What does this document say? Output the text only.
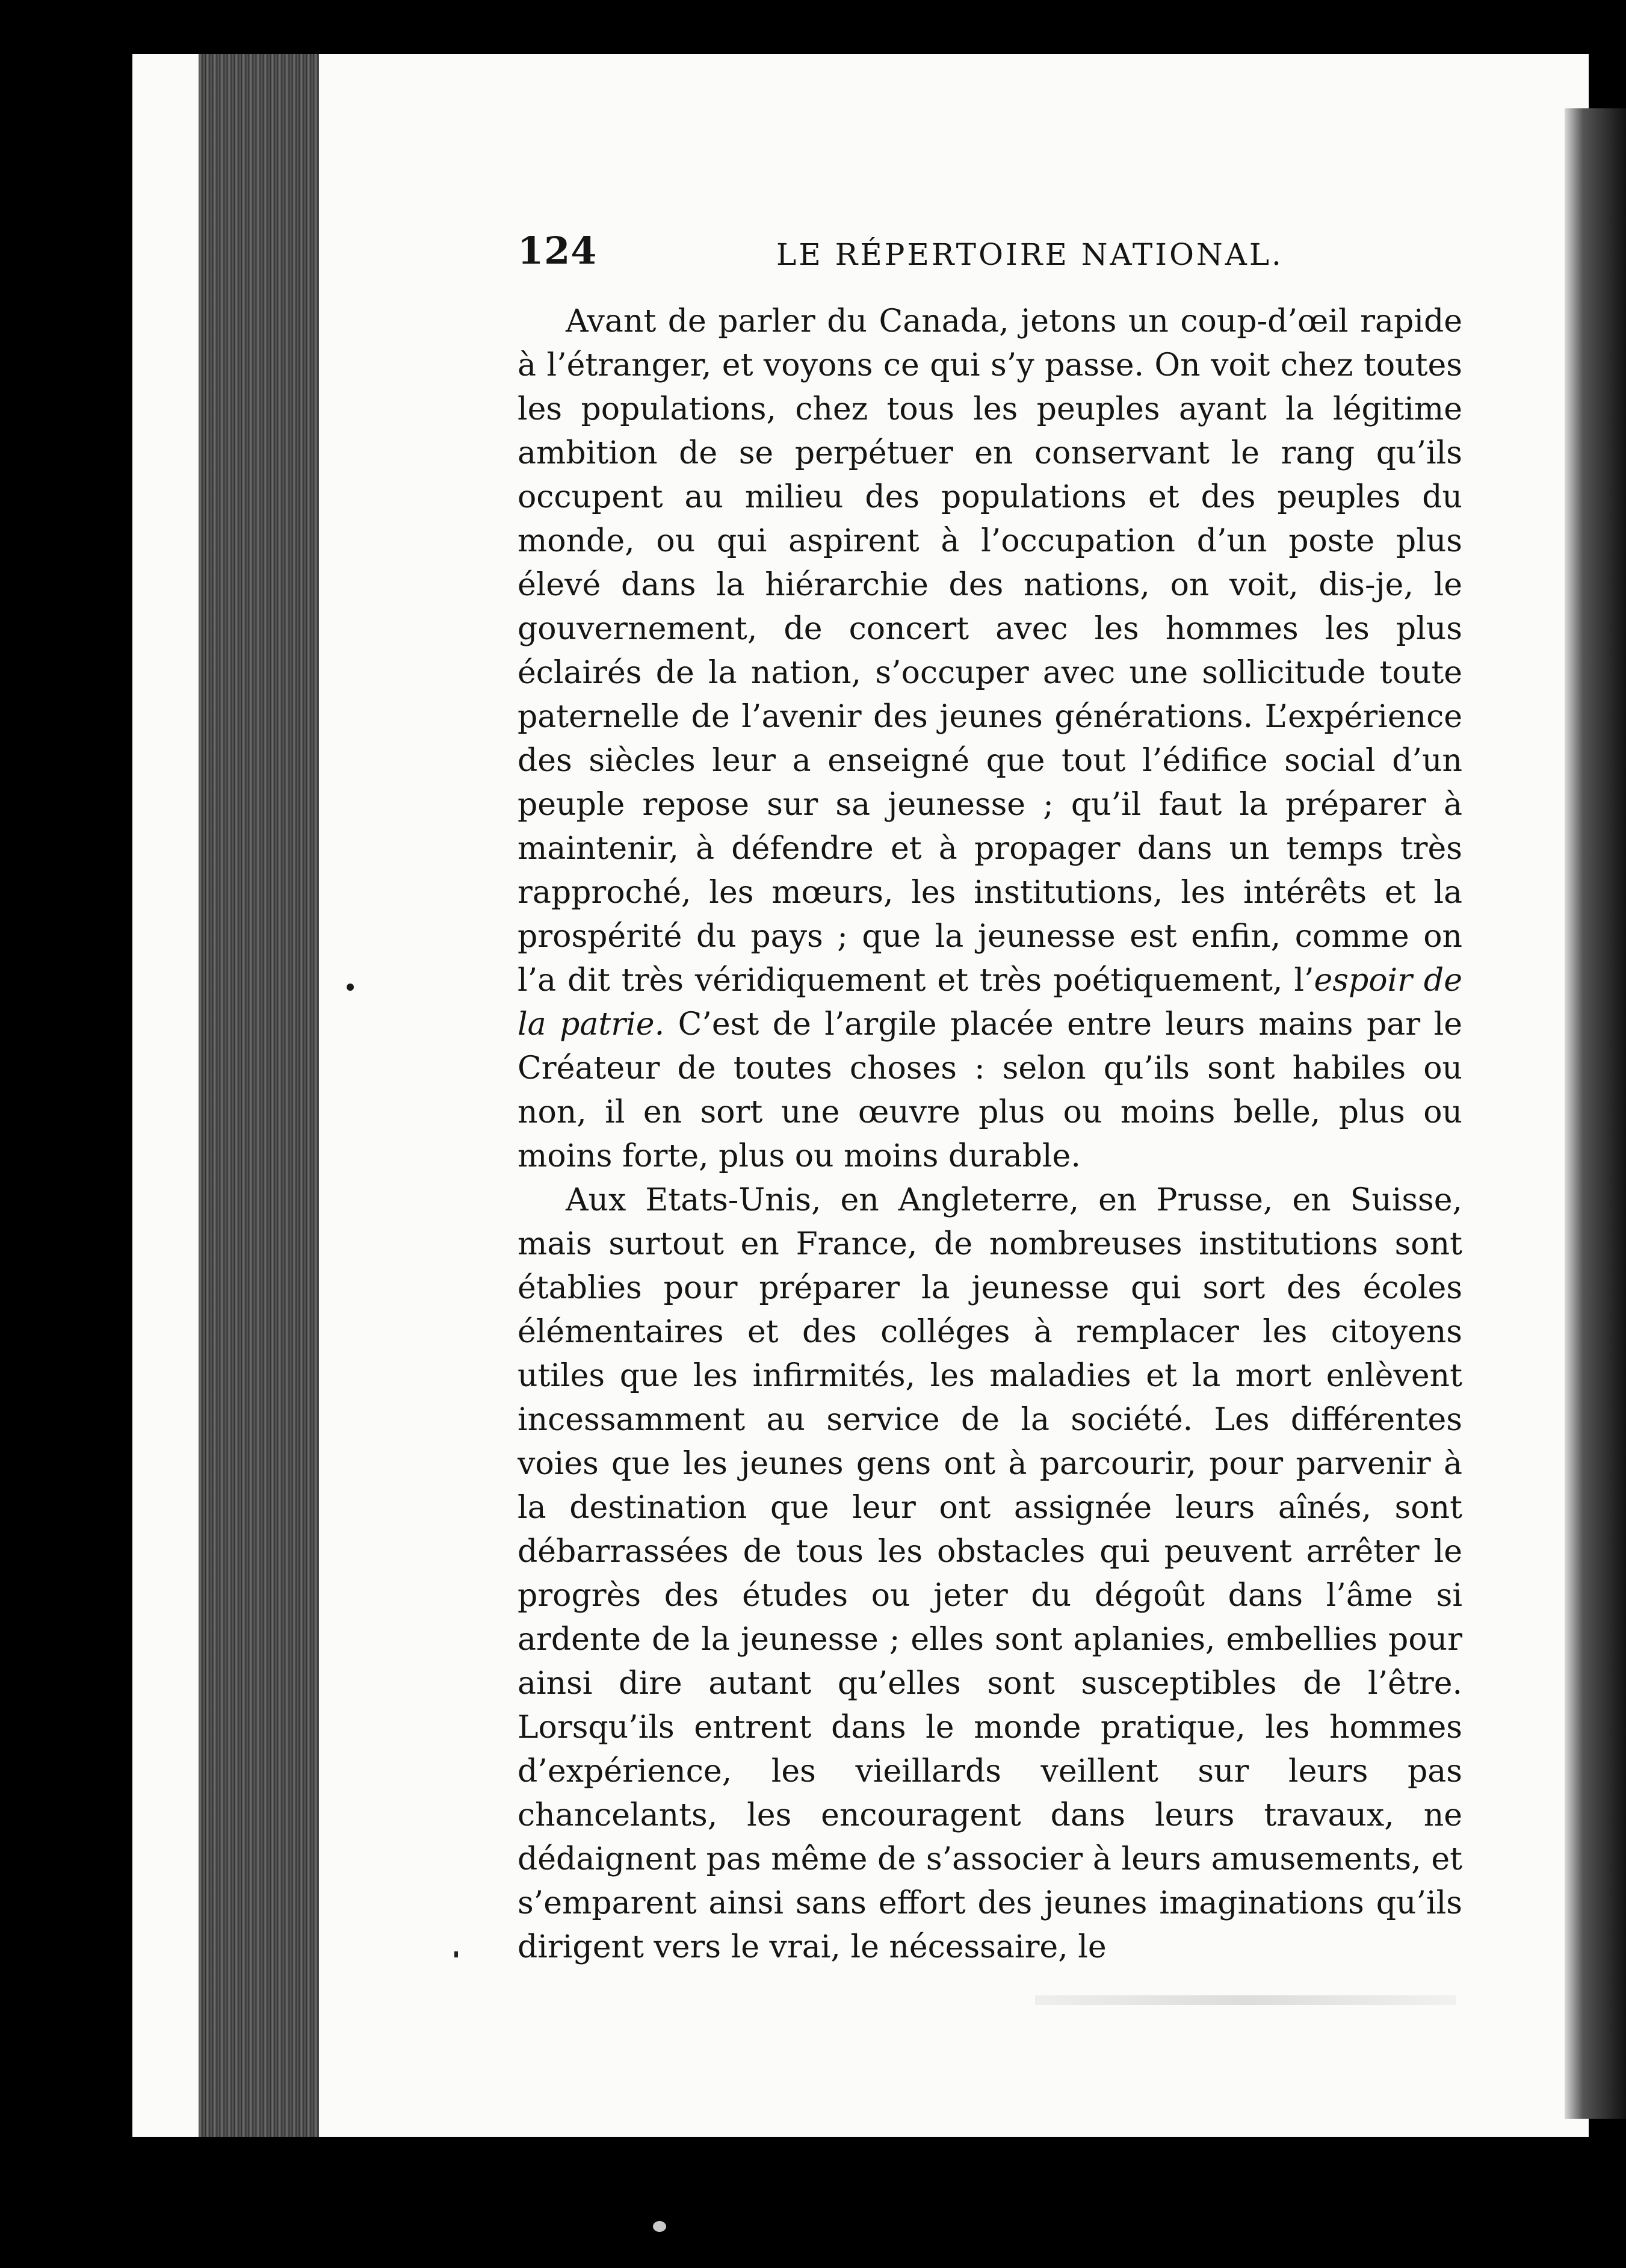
124	LE RÉPERTOIRE NATIONAL.

Avant de parler du Canada, jetons un coup-d’œil rapide à l’étranger, et voyons ce qui s’y passe. On voit chez toutes les populations, chez tous les peuples ayant la légitime ambition de se perpétuer en conservant le rang qu’ils occupent au milieu des populations et des peuples du monde, ou qui aspirent à l’occupation d’un poste plus élevé dans la hiérarchie des nations, on voit, dis-je, le gouvernement, de concert avec les hommes les plus éclairés de la nation, s’occuper avec une sollicitude toute paternelle de l’avenir des jeunes générations. L’expérience des siècles leur a enseigné que tout l’édifice social d’un peuple repose sur sa jeunesse ; qu’il faut la préparer à maintenir, à défendre et à propager dans un temps très rapproché, les mœurs, les institutions, les intérêts et la prospérité du pays ; que la jeunesse est enfin, comme on l’a dit très véridiquement et très poétiquement, l’espoir de la patrie. C’est de l’argile placée entre leurs mains par le Créateur de toutes choses : selon qu’ils sont habiles ou non, il en sort une œuvre plus ou moins belle, plus ou moins forte, plus ou moins durable.

Aux Etats-Unis, en Angleterre, en Prusse, en Suisse, mais surtout en France, de nombreuses institutions sont établies pour préparer la jeunesse qui sort des écoles élémentaires et des colléges à remplacer les citoyens utiles que les infirmités, les maladies et la mort enlèvent incessamment au service de la société. Les différentes voies que les jeunes gens ont à parcourir, pour parvenir à la destination que leur ont assignée leurs aînés, sont débarrassées de tous les obstacles qui peuvent arrêter le progrès des études ou jeter du dégoût dans l’âme si ardente de la jeunesse ; elles sont aplanies, embellies pour ainsi dire autant qu’elles sont susceptibles de l’être. Lorsqu’ils entrent dans le monde pratique, les hommes d’expérience, les vieillards veillent sur leurs pas chancelants, les encouragent dans leurs travaux, ne dédaignent pas même de s’associer à leurs amusements, et s’emparent ainsi sans effort des jeunes imaginations qu’ils dirigent vers le vrai, le nécessaire, le
